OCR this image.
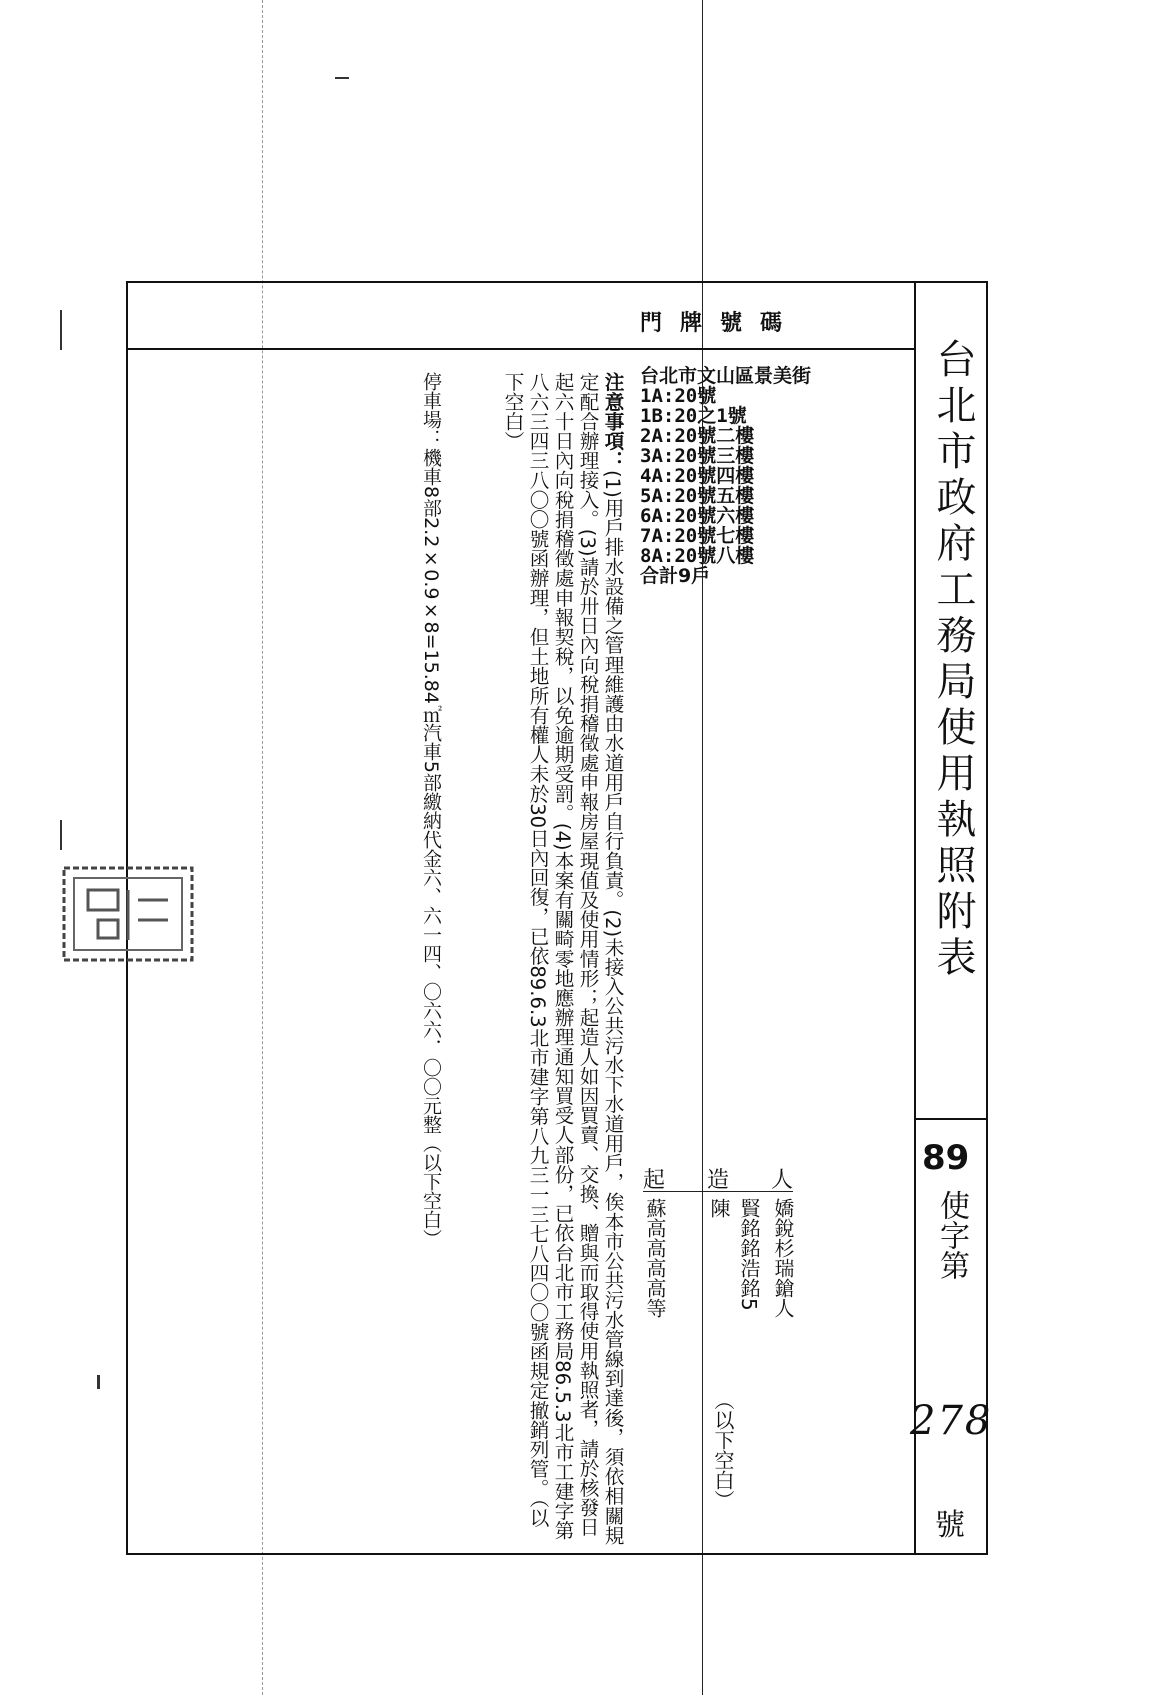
門牌號碼
台北市政府工務局使用執照附表
台北市文山區景美街
1A:20號
1B:20之1號
2A:20號二樓
3A:20號三樓
4A:20號四樓
5A:20號五樓
6A:20號六樓
7A:20號七樓
8A:20號八樓
合計9戶
注意事項：(1)用戶排水設備之管理維護由水道用戶自行負責。(2)未接入公共污水下水道用戶，俟本市公共污水管線到達後，須依相關規定配合辦理接入。(3)請於卅日內向稅捐稽徵處申報房屋現值及使用情形；起造人如因買賣、交換、贈與而取得使用執照者，請於核發日起六十日內向稅捐稽徵處申報契稅，以免逾期受罰。(4)本案有關畸零地應辦理通知買受人部份，已依台北市工務局86.5.3北市工建字第八六三四三八〇〇號函辦理，但土地所有權人未於30日內回復，已依89.6.3北市建字第八九三一三七八四〇〇號函規定撤銷列管。（以下空白）
停車場：機車8部2.2×0.9×8=15.84㎡汽車5部繳納代金六、六一四、〇六六．〇〇元整（以下空白）	起 造 人
嬌銳杉瑞鎗人
賢銘銘浩銘5
陳
蘇高高高高等
（以下空白）
89
使字第
278
號
